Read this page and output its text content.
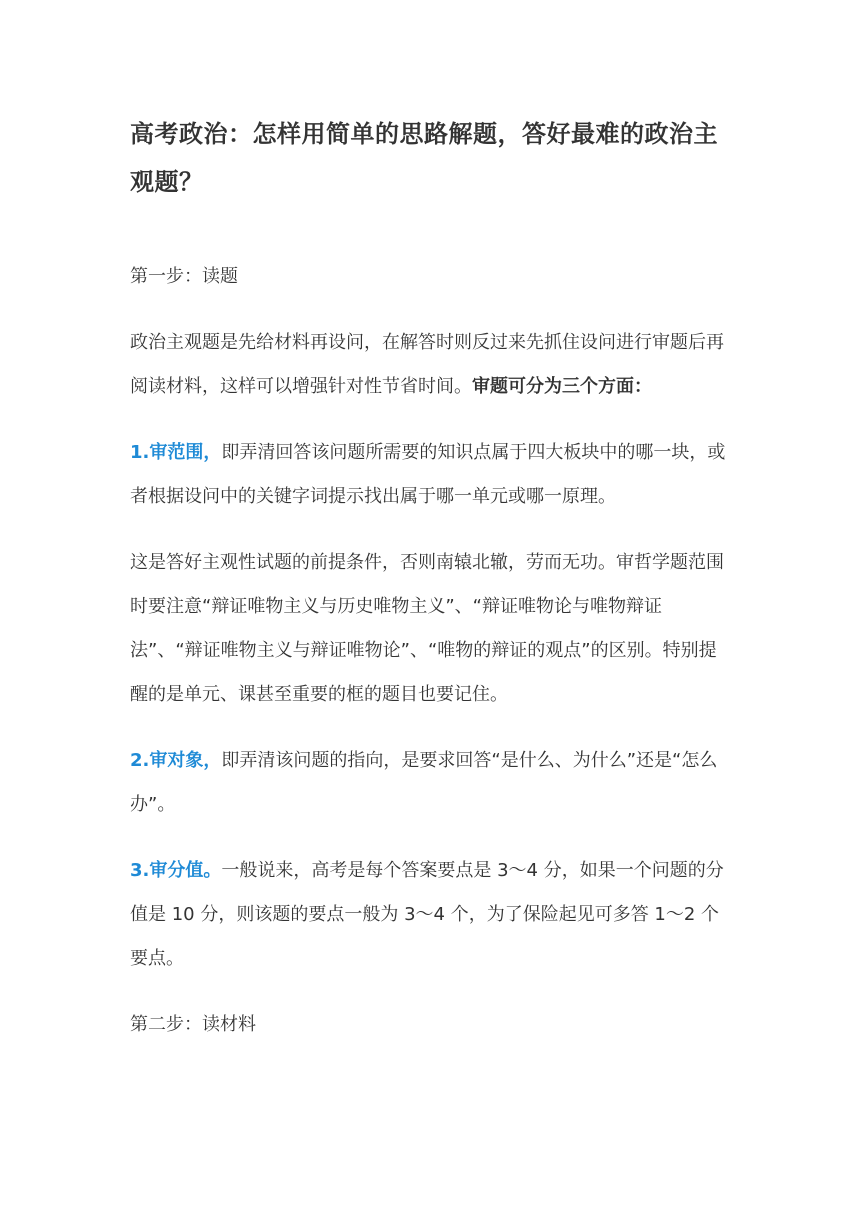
高考政治：怎样用简单的思路解题，答好最难的政治主观题？

第一步：读题

政治主观题是先给材料再设问，在解答时则反过来先抓住设问进行审题后再阅读材料，这样可以增强针对性节省时间。审题可分为三个方面：

1.审范围，即弄清回答该问题所需要的知识点属于四大板块中的哪一块，或者根据设问中的关键字词提示找出属于哪一单元或哪一原理。

这是答好主观性试题的前提条件，否则南辕北辙，劳而无功。审哲学题范围时要注意“辩证唯物主义与历史唯物主义”、“辩证唯物论与唯物辩证法”、“辩证唯物主义与辩证唯物论”、“唯物的辩证的观点”的区别。特别提醒的是单元、课甚至重要的框的题目也要记住。

2.审对象，即弄清该问题的指向，是要求回答“是什么、为什么”还是“怎么办”。

3.审分值。一般说来，高考是每个答案要点是 3～4 分，如果一个问题的分值是 10 分，则该题的要点一般为 3～4 个，为了保险起见可多答 1～2 个要点。

第二步：读材料
